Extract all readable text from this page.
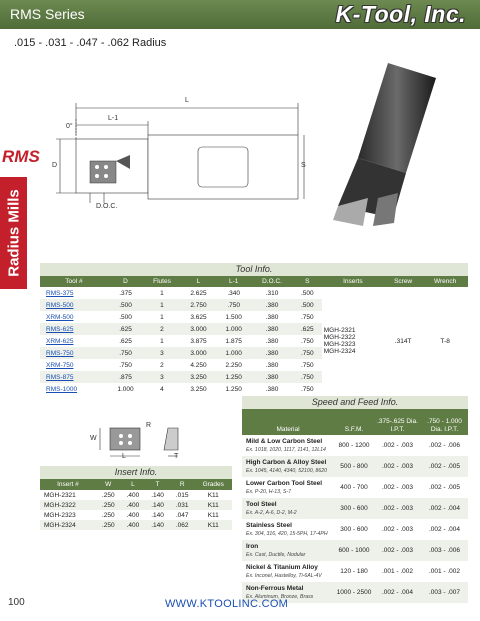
RMS Series	K-Tool, Inc.
.015 - .031 - .047 - .062 Radius
RMS
Radius Mills
L
L-1
0°
D	S
D.O.C.
Tool Info.
Tool #	D	Flutes	L	L-1	D.O.C.	S	Inserts	Screw	Wrench
RMS-375	.375	1	2.625	.340	.310	.500	MGH-2321
MGH-2322
MGH-2323
MGH-2324	.314T	T-8
RMS-500	.500	1	2.750	.750	.380	.500			
XRM-500	.500	1	3.625	1.500	.380	.750			
RMS-625	.625	2	3.000	1.000	.380	.625			
XRM-625	.625	1	3.875	1.875	.380	.750			
RMS-750	.750	3	3.000	1.000	.380	.750			
XRM-750	.750	2	4.250	2.250	.380	.750			
RMS-875	.875	3	3.250	1.250	.380	.750			
RMS-1000	1.000	4	3.250	1.250	.380	.750			
W
L	T
R
Insert Info.
Insert #	W	L	T	R	Grades
MGH-2321	.250	.400	.140	.015	K11
MGH-2322	.250	.400	.140	.031	K11
MGH-2323	.250	.400	.140	.047	K11
MGH-2324	.250	.400	.140	.062	K11
Speed and Feed Info.
Material	S.F.M.	.375-.625 Dia. I.P.T.	.750 - 1.000 Dia. I.P.T.

Mild & Low Carbon Steel
Ex. 1018, 1020, 1117, 1141, 12L14	800 - 1200	.002 - .003	.002 - .006

High Carbon & Alloy Steel
Ex. 1045, 4140, 4340, 52100, 8620	500 - 800	.002 - .003	.002 - .005

Lower Carbon Tool Steel
Ex. P-20, H-13, S-7	400 - 700	.002 - .003	.002 - .005

Tool Steel
Ex. A-2, A-6, D-2, M-2	300 - 600	.002 - .003	.002 - .004

Stainless Steel
Ex. 304, 316, 420, 15-5PH, 17-4PH	300 - 600	.002 - .003	.002 - .004

Iron
Ex. Cast, Ductile, Nodular	600 - 1000	.002 - .003	.003 - .006

Nickel & Titanium Alloy
Ex. Inconel, Hastelloy, Ti-6AL-4V	120 - 180	.001 - .002	.001 - .002

Non-Ferrous Metal
Ex. Aluminum, Bronze, Brass	1000 - 2500	.002 - .004	.003 - .007
100	WWW.KTOOLINC.COM
